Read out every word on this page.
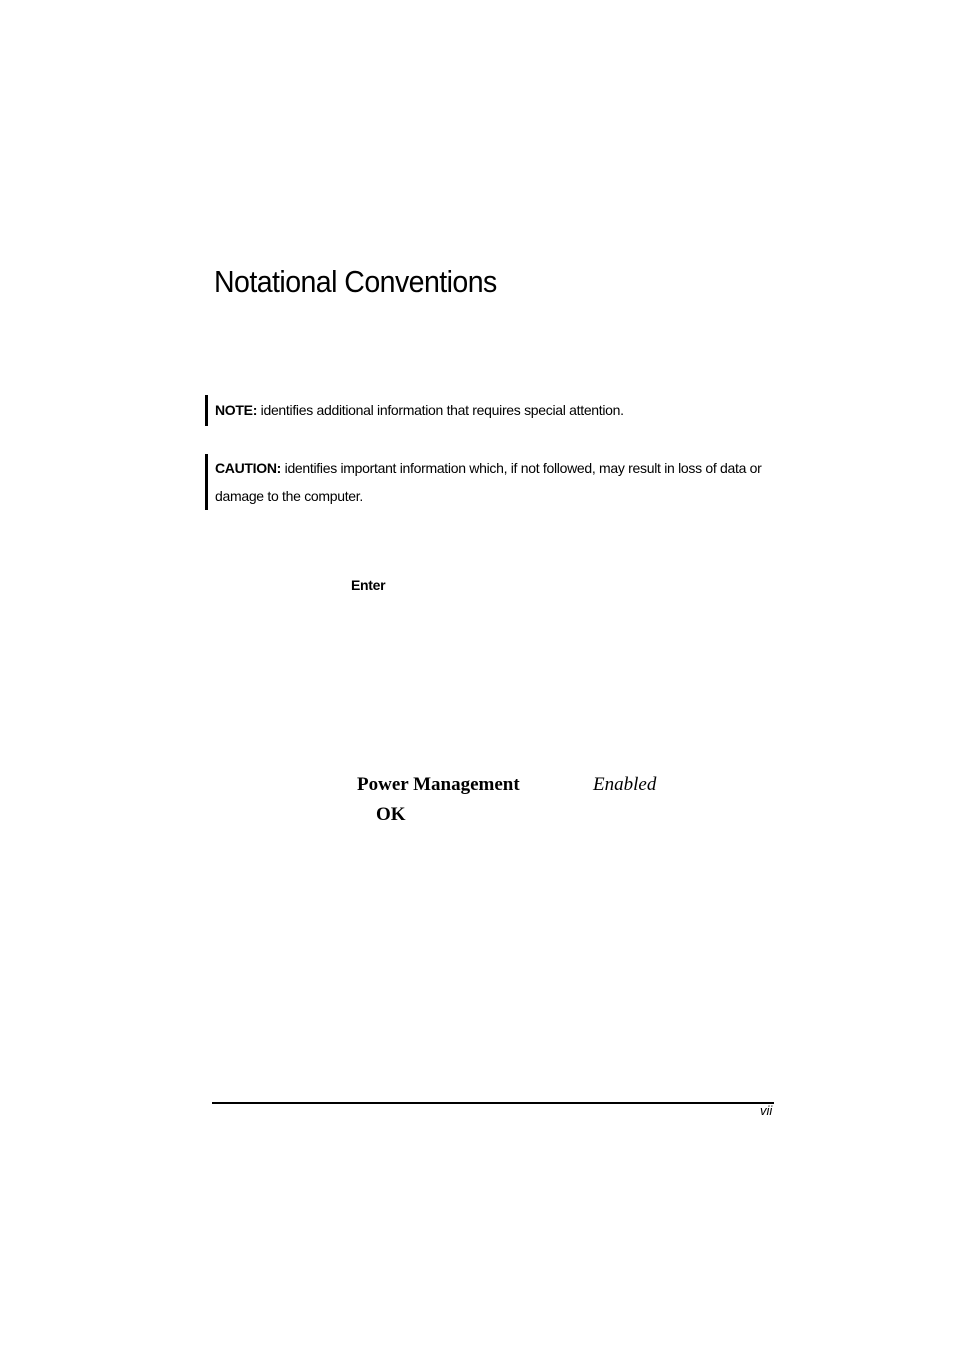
Notational Conventions
NOTE: identifies additional information that requires special attention.
CAUTION: identifies important information which, if not followed, may result in loss of data or damage to the computer.
Enter
Power Management	Enabled
OK
vii
